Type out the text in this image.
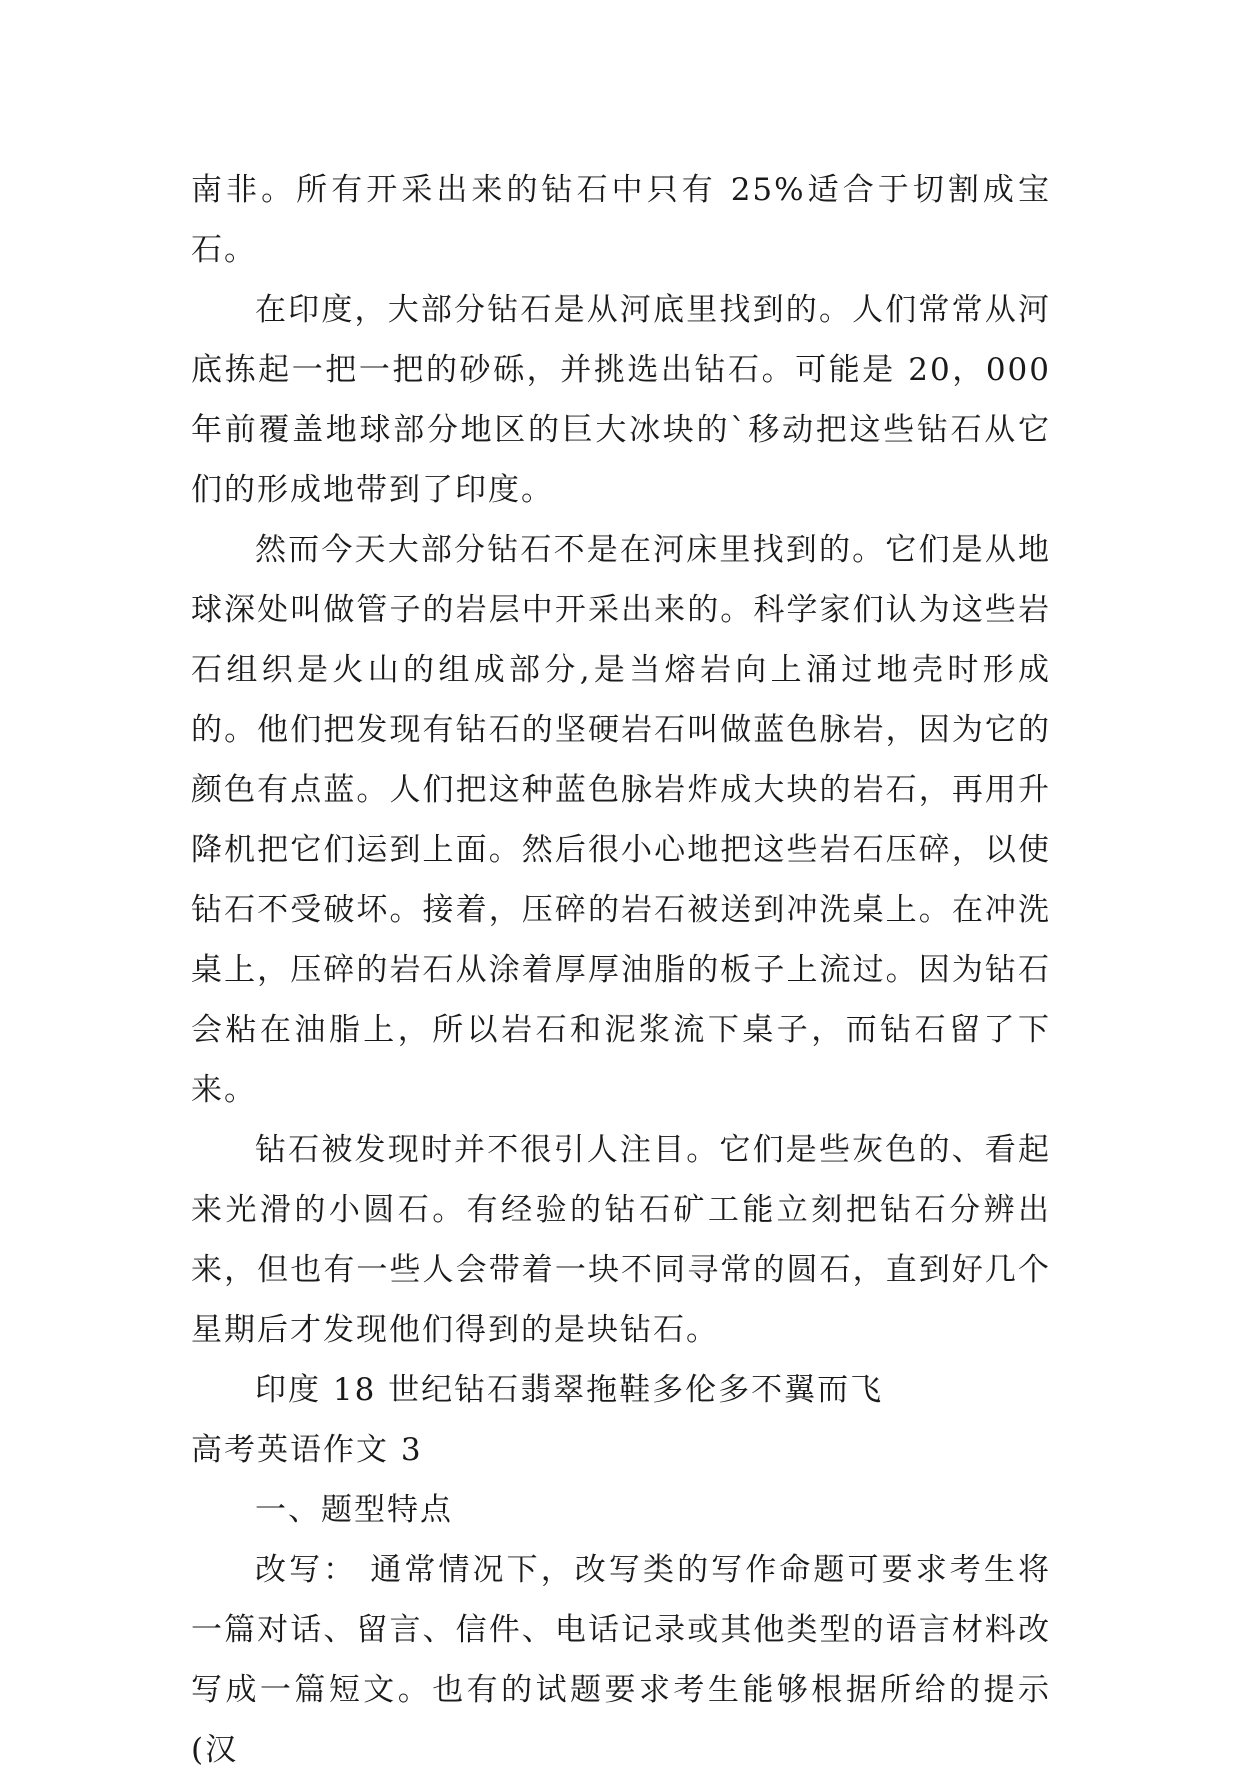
南非。所有开采出来的钻石中只有 25%适合于切割成宝石。

在印度，大部分钻石是从河底里找到的。人们常常从河底拣起一把一把的砂砾，并挑选出钻石。可能是 20，000 年前覆盖地球部分地区的巨大冰块的`移动把这些钻石从它们的形成地带到了印度。

然而今天大部分钻石不是在河床里找到的。它们是从地球深处叫做管子的岩层中开采出来的。科学家们认为这些岩石组织是火山的组成部分,是当熔岩向上涌过地壳时形成的。他们把发现有钻石的坚硬岩石叫做蓝色脉岩，因为它的颜色有点蓝。人们把这种蓝色脉岩炸成大块的岩石，再用升降机把它们运到上面。然后很小心地把这些岩石压碎，以使钻石不受破坏。接着，压碎的岩石被送到冲洗桌上。在冲洗桌上，压碎的岩石从涂着厚厚油脂的板子上流过。因为钻石会粘在油脂上，所以岩石和泥浆流下桌子，而钻石留了下来。

钻石被发现时并不很引人注目。它们是些灰色的、看起来光滑的小圆石。有经验的钻石矿工能立刻把钻石分辨出来，但也有一些人会带着一块不同寻常的圆石，直到好几个星期后才发现他们得到的是块钻石。

印度 18 世纪钻石翡翠拖鞋多伦多不翼而飞

高考英语作文 3

一、题型特点

改写： 通常情况下，改写类的写作命题可要求考生将一篇对话、留言、信件、电话记录或其他类型的语言材料改写成一篇短文。也有的试题要求考生能够根据所给的提示(汉
